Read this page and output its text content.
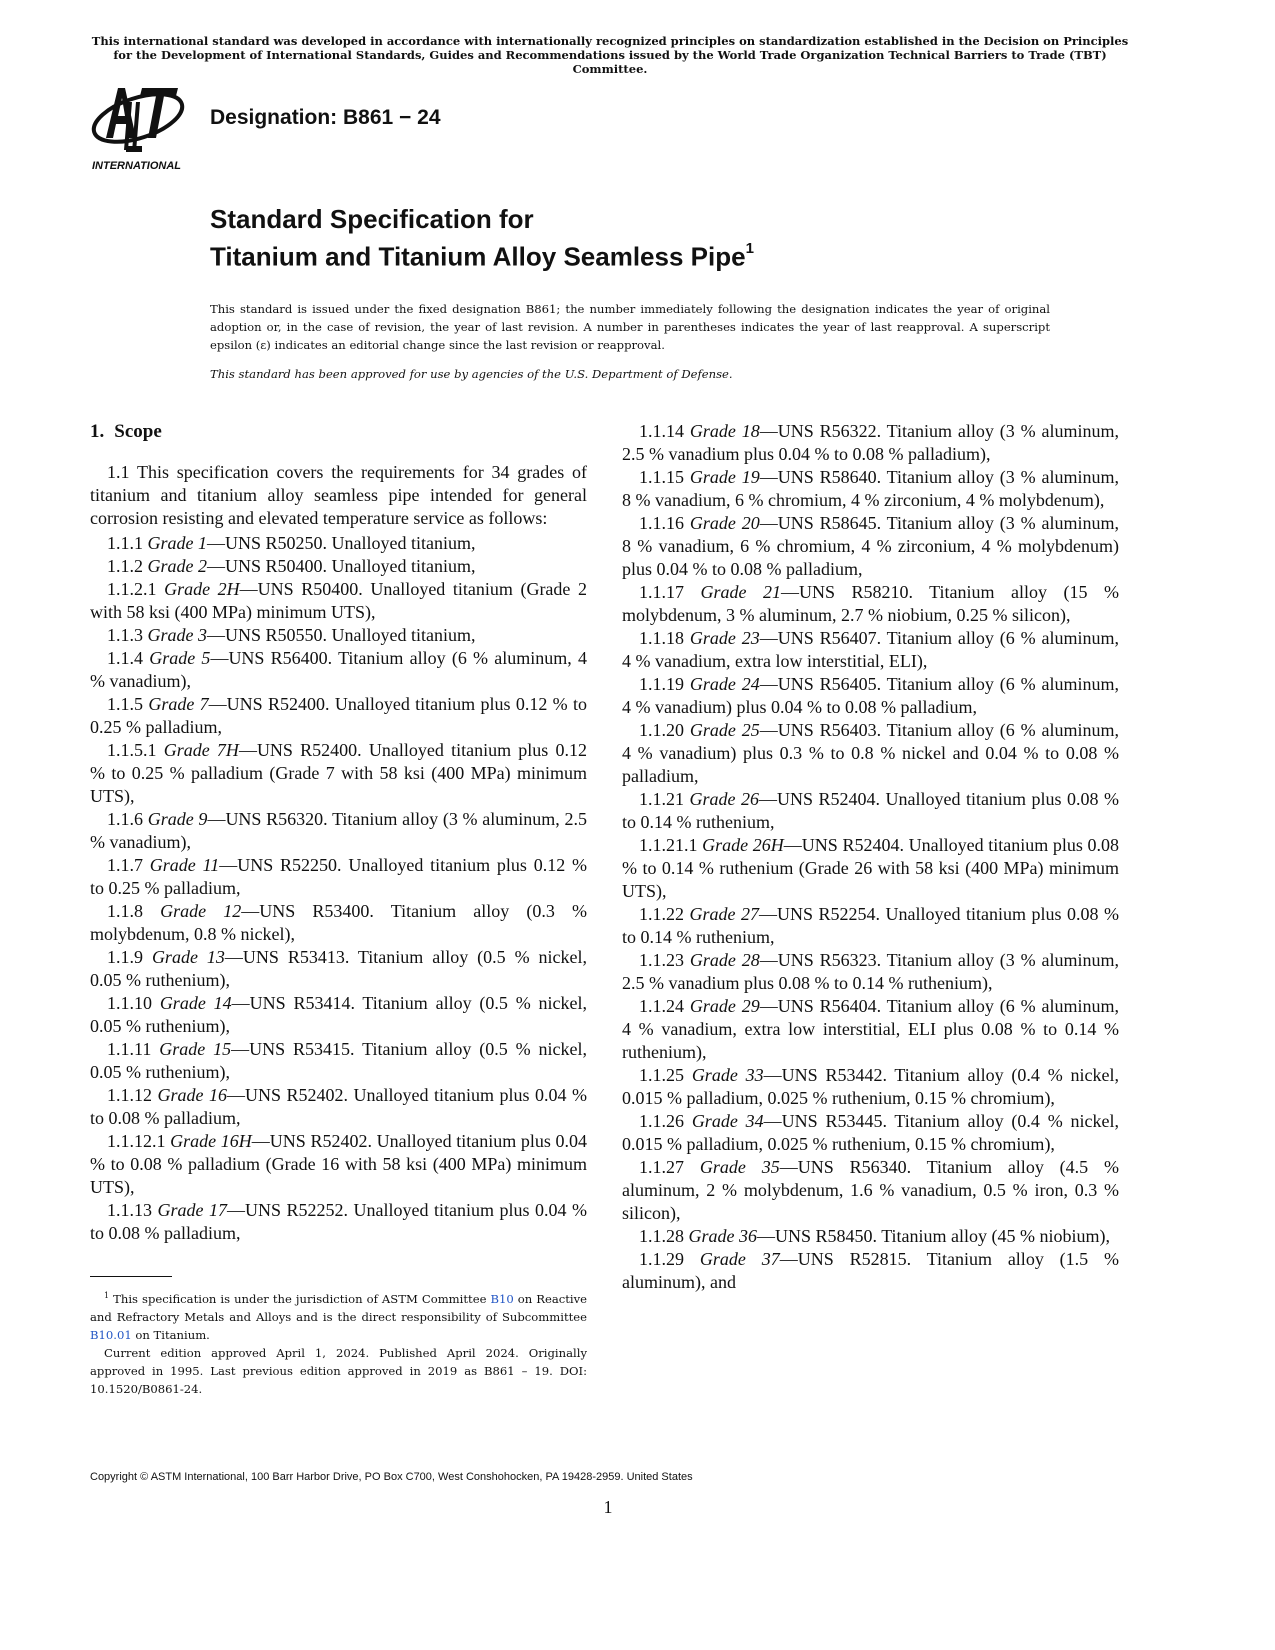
This international standard was developed in accordance with internationally recognized principles on standardization established in the Decision on Principles for the Development of International Standards, Guides and Recommendations issued by the World Trade Organization Technical Barriers to Trade (TBT) Committee.
INTERNATIONAL
Designation: B861 − 24
Standard Specification for
Titanium and Titanium Alloy Seamless Pipe$^1$
This standard is issued under the fixed designation B861; the number immediately following the designation indicates the year of original adoption or, in the case of revision, the year of last revision. A number in parentheses indicates the year of last reapproval. A superscript epsilon (ε) indicates an editorial change since the last revision or reapproval.
This standard has been approved for use by agencies of the U.S. Department of Defense.

1. Scope

1.1 This specification covers the requirements for 34 grades of titanium and titanium alloy seamless pipe intended for general corrosion resisting and elevated temperature service as follows:

1.1.1 Grade 1—UNS R50250. Unalloyed titanium,

1.1.2 Grade 2—UNS R50400. Unalloyed titanium,

1.1.2.1 Grade 2H—UNS R50400. Unalloyed titanium (Grade 2 with 58 ksi (400 MPa) minimum UTS),

1.1.3 Grade 3—UNS R50550. Unalloyed titanium,

1.1.4 Grade 5—UNS R56400. Titanium alloy (6 % aluminum, 4 % vanadium),

1.1.5 Grade 7—UNS R52400. Unalloyed titanium plus 0.12 % to 0.25 % palladium,

1.1.5.1 Grade 7H—UNS R52400. Unalloyed titanium plus 0.12 % to 0.25 % palladium (Grade 7 with 58 ksi (400 MPa) minimum UTS),

1.1.6 Grade 9—UNS R56320. Titanium alloy (3 % aluminum, 2.5 % vanadium),

1.1.7 Grade 11—UNS R52250. Unalloyed titanium plus 0.12 % to 0.25 % palladium,

1.1.8 Grade 12—UNS R53400. Titanium alloy (0.3 % molybdenum, 0.8 % nickel),

1.1.9 Grade 13—UNS R53413. Titanium alloy (0.5 % nickel, 0.05 % ruthenium),

1.1.10 Grade 14—UNS R53414. Titanium alloy (0.5 % nickel, 0.05 % ruthenium),

1.1.11 Grade 15—UNS R53415. Titanium alloy (0.5 % nickel, 0.05 % ruthenium),

1.1.12 Grade 16—UNS R52402. Unalloyed titanium plus 0.04 % to 0.08 % palladium,

1.1.12.1 Grade 16H—UNS R52402. Unalloyed titanium plus 0.04 % to 0.08 % palladium (Grade 16 with 58 ksi (400 MPa) minimum UTS),

1.1.13 Grade 17—UNS R52252. Unalloyed titanium plus 0.04 % to 0.08 % palladium,

1.1.14 Grade 18—UNS R56322. Titanium alloy (3 % aluminum, 2.5 % vanadium plus 0.04 % to 0.08 % palladium),

1.1.15 Grade 19—UNS R58640. Titanium alloy (3 % aluminum, 8 % vanadium, 6 % chromium, 4 % zirconium, 4 % molybdenum),

1.1.16 Grade 20—UNS R58645. Titanium alloy (3 % aluminum, 8 % vanadium, 6 % chromium, 4 % zirconium, 4 % molybdenum) plus 0.04 % to 0.08 % palladium,

1.1.17 Grade 21—UNS R58210. Titanium alloy (15 % molybdenum, 3 % aluminum, 2.7 % niobium, 0.25 % silicon),

1.1.18 Grade 23—UNS R56407. Titanium alloy (6 % aluminum, 4 % vanadium, extra low interstitial, ELI),

1.1.19 Grade 24—UNS R56405. Titanium alloy (6 % aluminum, 4 % vanadium) plus 0.04 % to 0.08 % palladium,

1.1.20 Grade 25—UNS R56403. Titanium alloy (6 % aluminum, 4 % vanadium) plus 0.3 % to 0.8 % nickel and 0.04 % to 0.08 % palladium,

1.1.21 Grade 26—UNS R52404. Unalloyed titanium plus 0.08 % to 0.14 % ruthenium,

1.1.21.1 Grade 26H—UNS R52404. Unalloyed titanium plus 0.08 % to 0.14 % ruthenium (Grade 26 with 58 ksi (400 MPa) minimum UTS),

1.1.22 Grade 27—UNS R52254. Unalloyed titanium plus 0.08 % to 0.14 % ruthenium,

1.1.23 Grade 28—UNS R56323. Titanium alloy (3 % aluminum, 2.5 % vanadium plus 0.08 % to 0.14 % ruthenium),

1.1.24 Grade 29—UNS R56404. Titanium alloy (6 % aluminum, 4 % vanadium, extra low interstitial, ELI plus 0.08 % to 0.14 % ruthenium),

1.1.25 Grade 33—UNS R53442. Titanium alloy (0.4 % nickel, 0.015 % palladium, 0.025 % ruthenium, 0.15 % chromium),

1.1.26 Grade 34—UNS R53445. Titanium alloy (0.4 % nickel, 0.015 % palladium, 0.025 % ruthenium, 0.15 % chromium),

1.1.27 Grade 35—UNS R56340. Titanium alloy (4.5 % aluminum, 2 % molybdenum, 1.6 % vanadium, 0.5 % iron, 0.3 % silicon),

1.1.28 Grade 36—UNS R58450. Titanium alloy (45 % niobium),

1.1.29 Grade 37—UNS R52815. Titanium alloy (1.5 % aluminum), and

$^1$ This specification is under the jurisdiction of ASTM Committee B10 on Reactive and Refractory Metals and Alloys and is the direct responsibility of Subcommittee B10.01 on Titanium.

Current edition approved April 1, 2024. Published April 2024. Originally approved in 1995. Last previous edition approved in 2019 as B861 – 19. DOI: 10.1520/B0861-24.

Copyright © ASTM International, 100 Barr Harbor Drive, PO Box C700, West Conshohocken, PA 19428-2959. United States
1
